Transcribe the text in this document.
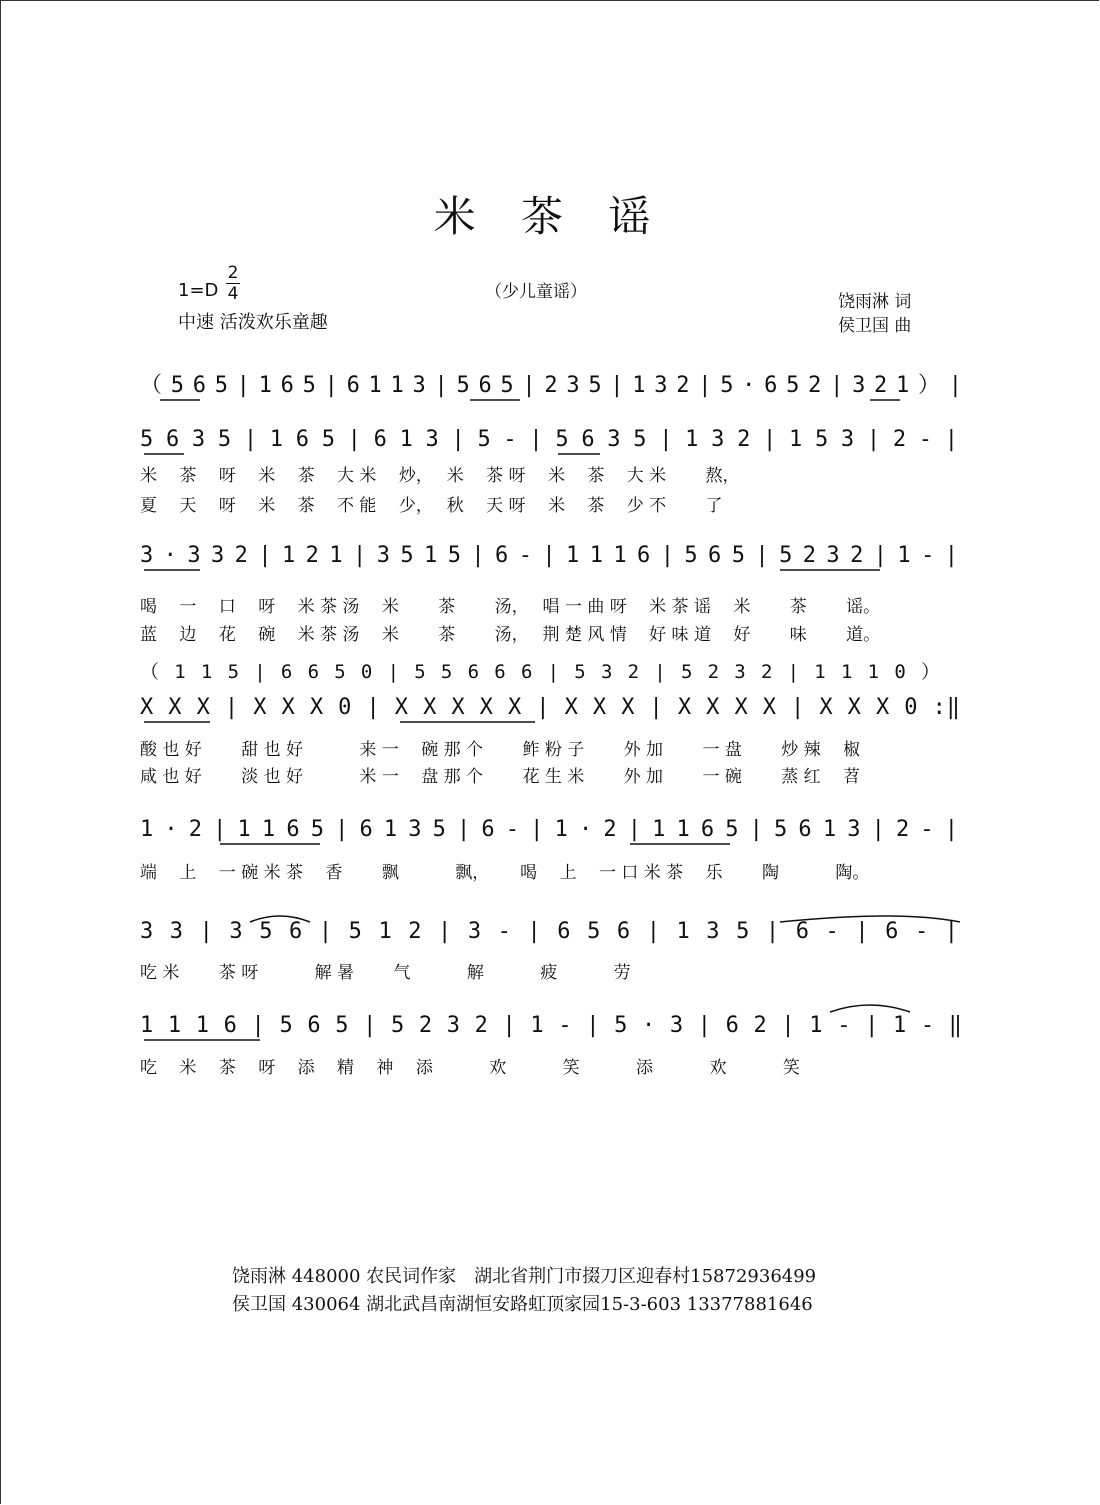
米 茶 谣
1=D
2
4
中速 活泼欢乐童趣
（少儿童谣）	饶雨淋 词
侯卫国 曲
（ 5 6 5 | 1 6 5 | 6 1 1 3 | 5 6 5 | 2 3 5 | 1 3 2 | 5 · 6 5 2 | 3 2 1 ） |
5 6 3 5 | 1 6 5 | 6 1 3 | 5 - | 5 6 3 5 | 1 3 2 | 1 5 3 | 2 - |
米　 茶　 呀　 米　 茶　 大 米　 炒，　 米　 茶 呀　 米　 茶　 大 米　　 熬，
夏　 天　 呀　 米　 茶　 不 能　 少，　 秋　 天 呀　 米　 茶　 少 不　　 了
3 · 3 3 2 | 1 2 1 | 3 5 1 5 | 6 - | 1 1 1 6 | 5 6 5 | 5 2 3 2 | 1 - |
喝　 一　 口　 呀　 米 茶 汤　 米　　 茶　　 汤，　 唱 一 曲 呀　 米 茶 谣　 米　　 茶　　 谣。
蓝　 边　 花　 碗　 米 茶 汤　 米　　 茶　　 汤，　 荆 楚 风 情　 好 味 道　 好　　 味　　 道。
（ 1 1 5 | 6 6 5 0 | 5 5 6 6 6 | 5 3 2 | 5 2 3 2 | 1 1 1 0 ）
X X X | X X X 0 | X X X X X | X X X | X X X X | X X X 0 :‖
酸 也 好　　 甜 也 好　　　 来 一　 碗 那 个　　 鲊 粉 子　　 外 加　　 一 盘　　 炒 辣　 椒
咸 也 好　　 淡 也 好　　　 米 一　 盘 那 个　　 花 生 米　　 外 加　　 一 碗　　 蒸 红　 苕
1 · 2 | 1 1 6 5 | 6 1 3 5 | 6 - | 1 · 2 | 1 1 6 5 | 5 6 1 3 | 2 - |
端　 上　 一 碗 米 茶　 香　　 飘　　　 飘，　　 喝　 上　 一 口 米 茶　 乐　　 陶　　　 陶。
3 3 | 3 5 6 | 5 1 2 | 3 - | 6 5 6 | 1 3 5 | 6 - | 6 - |
吃 米　　 茶 呀　　　 解 暑　　 气　　　 解　　　 疲　　　 劳
1 1 1 6 | 5 6 5 | 5 2 3 2 | 1 - | 5 · 3 | 6 2 | 1 - | 1 - ‖
吃　 米　 茶　 呀　 添　 精　 神　 添　　　 欢　　　 笑　　　 添　　　 欢　　　 笑
饶雨淋 448000 农民词作家　湖北省荆门市掇刀区迎春村15872936499
侯卫国 430064 湖北武昌南湖恒安路虹顶家园15-3-603 13377881646
